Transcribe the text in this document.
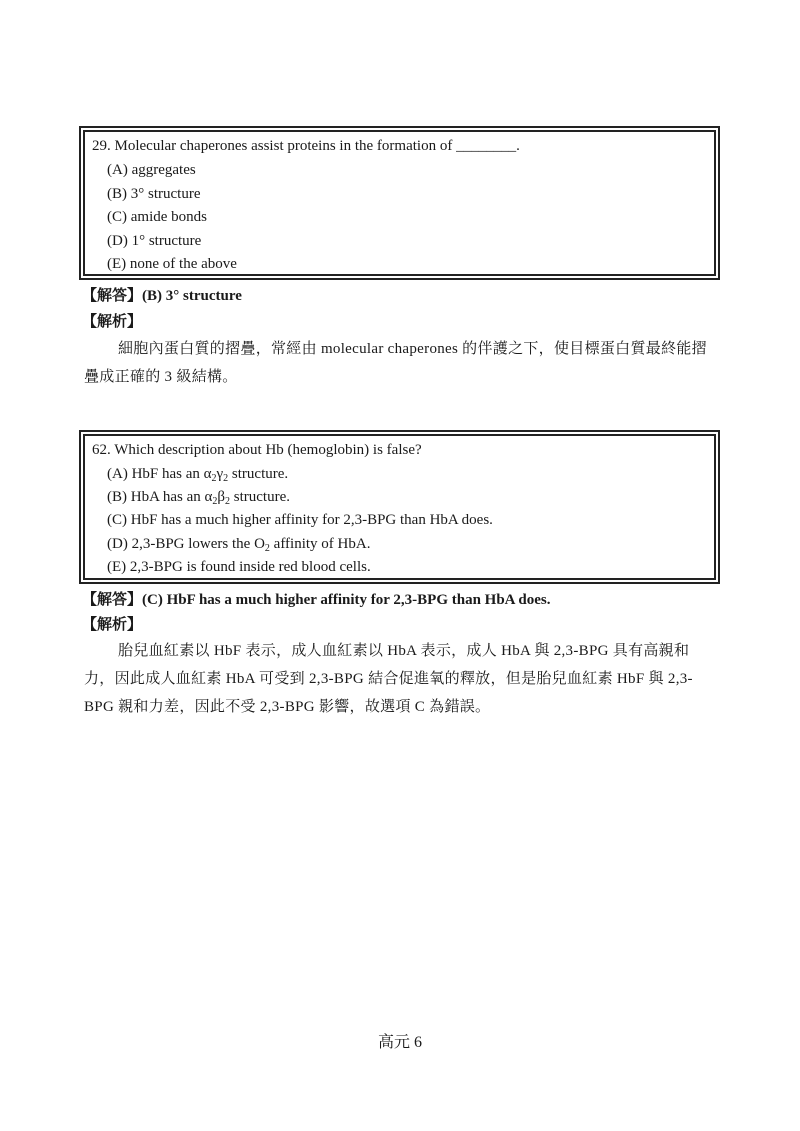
29. Molecular chaperones assist proteins in the formation of ________.
(A) aggregates
(B) 3° structure
(C) amide bonds
(D) 1° structure
(E) none of the above
【解答】(B) 3° structure
【解析】
細胞內蛋白質的摺疊，常經由 molecular chaperones 的伴護之下，使目標蛋白質最終能摺疊成正確的 3 級結構。
62. Which description about Hb (hemoglobin) is false?
(A) HbF has an $\alpha_2\gamma_2$ structure.
(B) HbA has an $\alpha_2\beta_2$ structure.
(C) HbF has a much higher affinity for 2,3-BPG than HbA does.
(D) 2,3-BPG lowers the $O_2$ affinity of HbA.
(E) 2,3-BPG is found inside red blood cells.
【解答】(C) HbF has a much higher affinity for 2,3-BPG than HbA does.
【解析】
胎兒血紅素以 HbF 表示，成人血紅素以 HbA 表示，成人 HbA 與 2,3-BPG 具有高親和力，因此成人血紅素 HbA 可受到 2,3-BPG 結合促進氧的釋放，但是胎兒血紅素 HbF 與 2,3-BPG 親和力差，因此不受 2,3-BPG 影響，故選項 C 為錯誤。
高元 6
